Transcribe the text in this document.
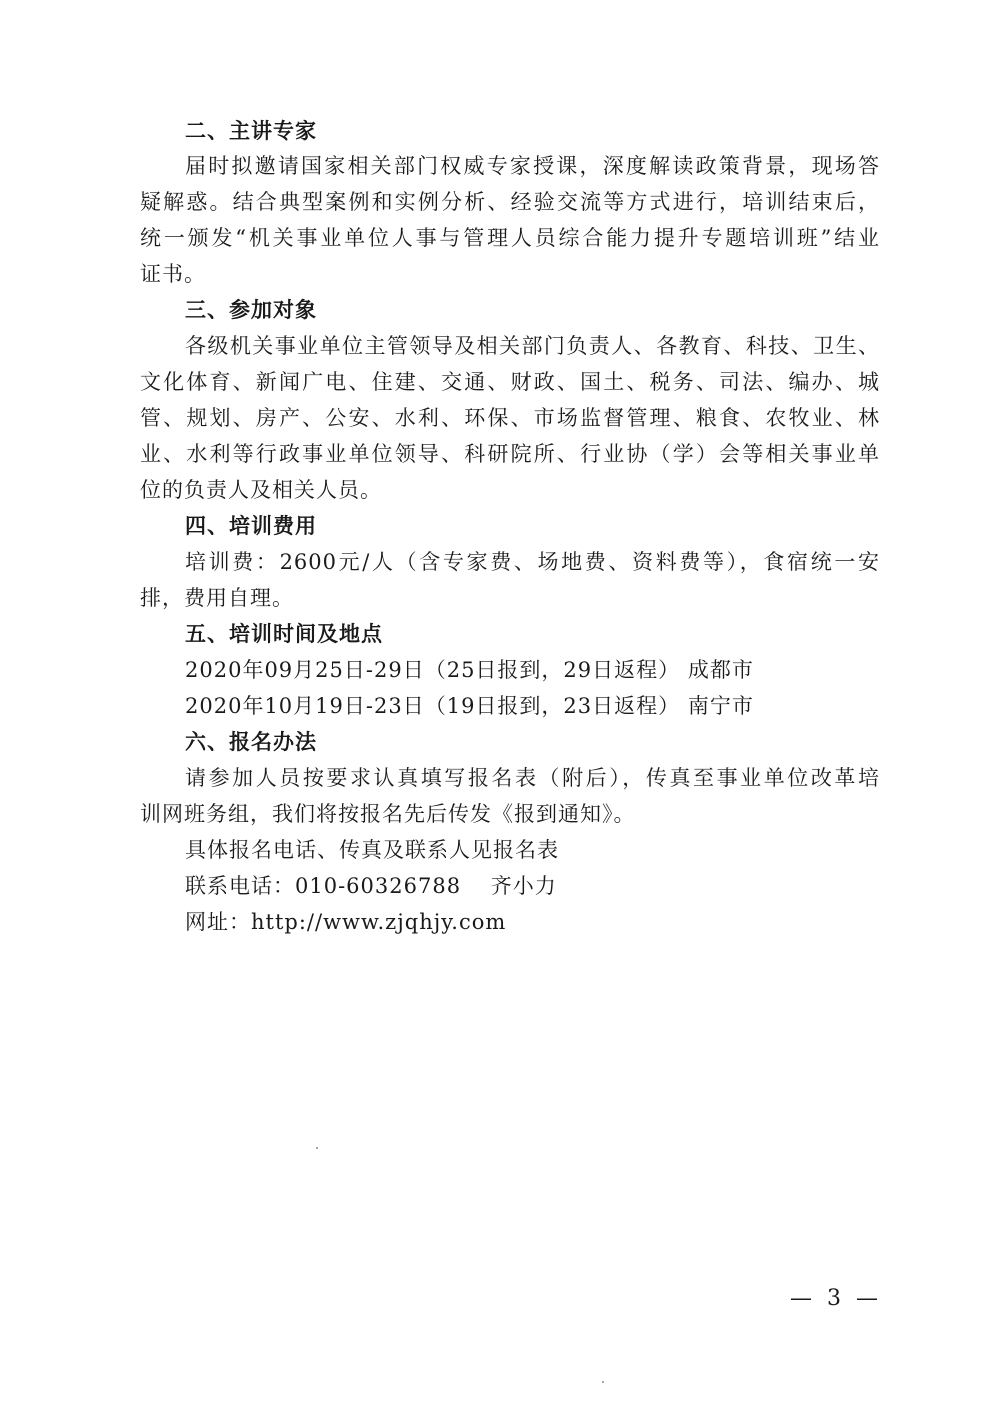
二、主讲专家
届时拟邀请国家相关部门权威专家授课，深度解读政策背景，现场答
疑解惑。结合典型案例和实例分析、经验交流等方式进行，培训结束后，
统一颁发“机关事业单位人事与管理人员综合能力提升专题培训班”结业
证书。
三、参加对象
各级机关事业单位主管领导及相关部门负责人、各教育、科技、卫生、
文化体育、新闻广电、住建、交通、财政、国土、税务、司法、编办、城
管、规划、房产、公安、水利、环保、市场监督管理、粮食、农牧业、林
业、水利等行政事业单位领导、科研院所、行业协（学）会等相关事业单
位的负责人及相关人员。
四、培训费用
培训费：2600元/人（含专家费、场地费、资料费等），食宿统一安
排，费用自理。
五、培训时间及地点
2020年09月25日-29日（25日报到，29日返程） 成都市
2020年10月19日-23日（19日报到，23日返程） 南宁市
六、报名办法
请参加人员按要求认真填写报名表（附后），传真至事业单位改革培
训网班务组，我们将按报名先后传发《报到通知》。
具体报名电话、传真及联系人见报名表
联系电话：010-60326788　 齐小力
网址：http://www.zjqhjy.com
— 3 —
